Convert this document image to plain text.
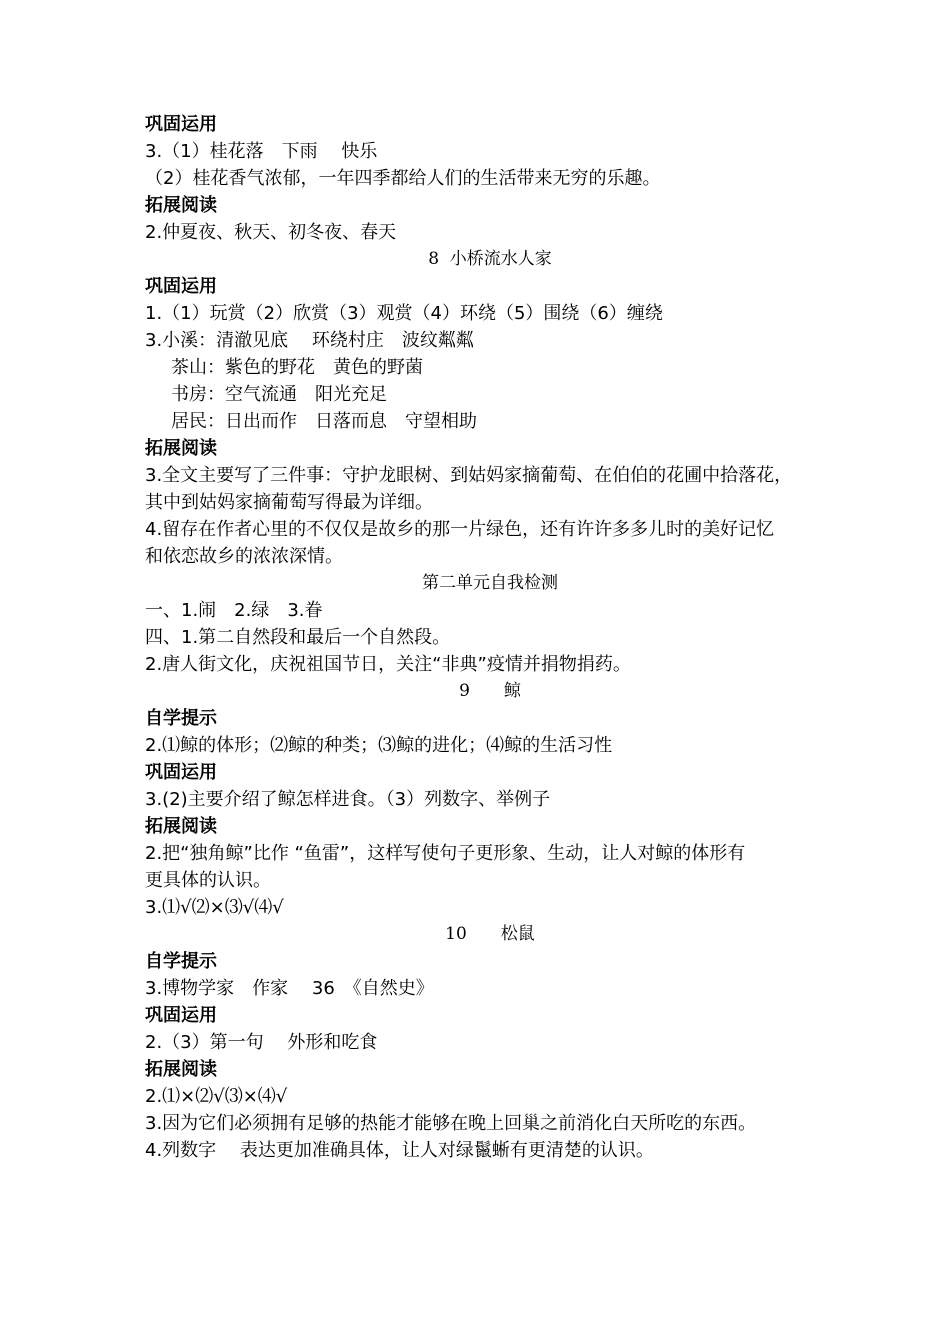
巩固运用
3.（1）桂花落　下雨　 快乐
（2）桂花香气浓郁，一年四季都给人们的生活带来无穷的乐趣。
拓展阅读
2.仲夏夜、秋天、初冬夜、春天
8  小桥流水人家
巩固运用
1.（1）玩赏（2）欣赏（3）观赏（4）环绕（5）围绕（6）缠绕
3.小溪：清澈见底　 环绕村庄　波纹粼粼
茶山：紫色的野花　黄色的野菌
书房：空气流通　阳光充足
居民：日出而作　日落而息　守望相助
拓展阅读
3.全文主要写了三件事：守护龙眼树、到姑妈家摘葡萄、在伯伯的花圃中拾落花，
其中到姑妈家摘葡萄写得最为详细。
4.留存在作者心里的不仅仅是故乡的那一片绿色，还有许许多多儿时的美好记忆
和依恋故乡的浓浓深情。
第二单元自我检测
一、1.闹　2.绿　3.眷
四、1.第二自然段和最后一个自然段。
2.唐人街文化，庆祝祖国节日，关注“非典”疫情并捐物捐药。
9　　鲸
自学提示
2.⑴鲸的体形；⑵鲸的种类；⑶鲸的进化；⑷鲸的生活习性
巩固运用
3.(2)主要介绍了鲸怎样进食。（3）列数字、举例子
拓展阅读
2.把“独角鲸”比作 “鱼雷”，这样写使句子更形象、生动，让人对鲸的体形有
更具体的认识。
3.⑴√⑵×⑶√⑷√
10　　松鼠
自学提示
3.博物学家　作家　 36　《自然史》
巩固运用
2.（3）第一句　 外形和吃食
拓展阅读
2.⑴×⑵√⑶×⑷√
3.因为它们必须拥有足够的热能才能够在晚上回巢之前消化白天所吃的东西。
4.列数字　 表达更加准确具体，让人对绿鬣蜥有更清楚的认识。
